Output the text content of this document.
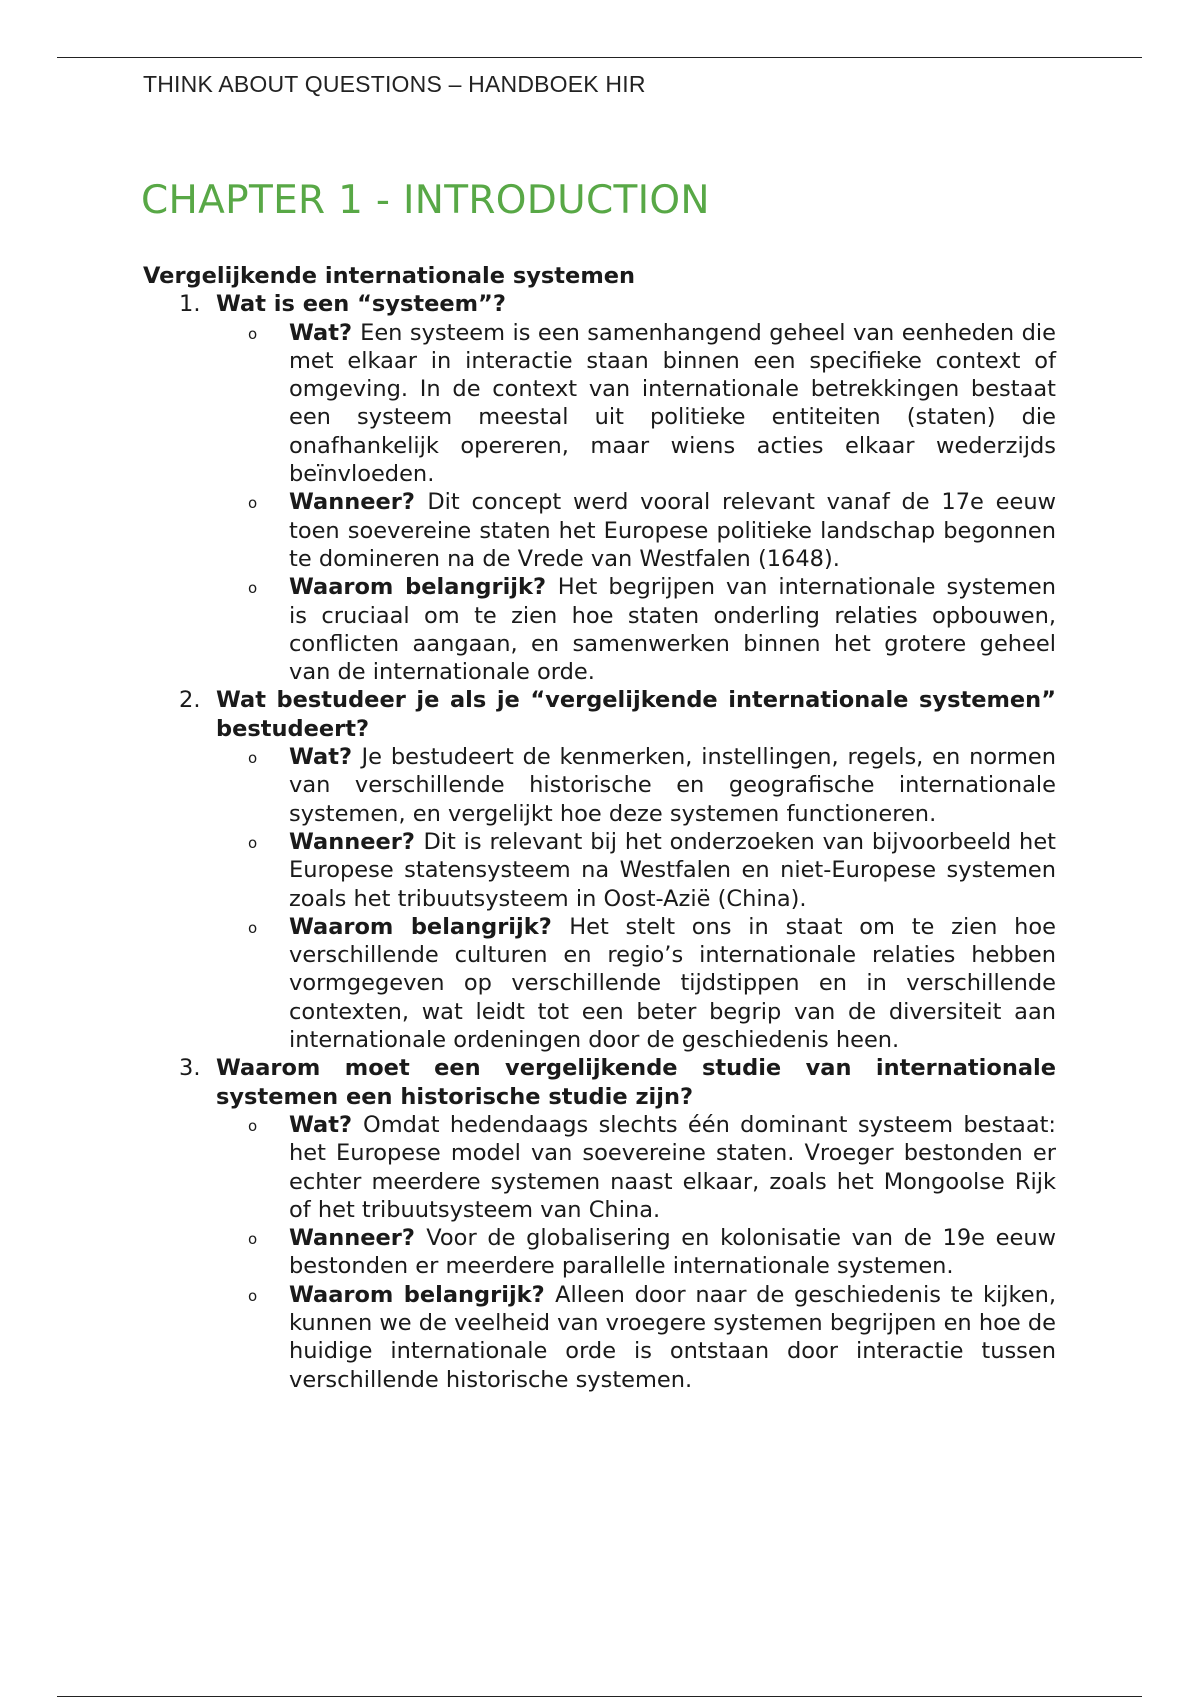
THINK ABOUT QUESTIONS – HANDBOEK HIR
CHAPTER 1 - INTRODUCTION

Vergelijkende internationale systemen

1. Wat is een “systeem”?
o Wat? Een systeem is een samenhangend geheel van eenheden die met elkaar in interactie staan binnen een specifieke context of omgeving. In de context van internationale betrekkingen bestaat een systeem meestal uit politieke entiteiten (staten) die onafhankelijk opereren, maar wiens acties elkaar wederzijds beïnvloeden.
o Wanneer? Dit concept werd vooral relevant vanaf de 17e eeuw toen soevereine staten het Europese politieke landschap begonnen te domineren na de Vrede van Westfalen (1648).
o Waarom belangrijk? Het begrijpen van internationale systemen is cruciaal om te zien hoe staten onderling relaties opbouwen, conflicten aangaan, en samenwerken binnen het grotere geheel van de internationale orde.
2. Wat bestudeer je als je “vergelijkende internationale systemen” bestudeert?
o Wat? Je bestudeert de kenmerken, instellingen, regels, en normen van verschillende historische en geografische internationale systemen, en vergelijkt hoe deze systemen functioneren.
o Wanneer? Dit is relevant bij het onderzoeken van bijvoorbeeld het Europese statensysteem na Westfalen en niet-Europese systemen zoals het tribuutsysteem in Oost-Azië (China).
o Waarom belangrijk? Het stelt ons in staat om te zien hoe verschillende culturen en regio’s internationale relaties hebben vormgegeven op verschillende tijdstippen en in verschillende contexten, wat leidt tot een beter begrip van de diversiteit aan internationale ordeningen door de geschiedenis heen.
3. Waarom moet een vergelijkende studie van internationale systemen een historische studie zijn?
o Wat? Omdat hedendaags slechts één dominant systeem bestaat: het Europese model van soevereine staten. Vroeger bestonden er echter meerdere systemen naast elkaar, zoals het Mongoolse Rijk of het tribuutsysteem van China.
o Wanneer? Voor de globalisering en kolonisatie van de 19e eeuw bestonden er meerdere parallelle internationale systemen.
o Waarom belangrijk? Alleen door naar de geschiedenis te kijken, kunnen we de veelheid van vroegere systemen begrijpen en hoe de huidige internationale orde is ontstaan door interactie tussen verschillende historische systemen.
